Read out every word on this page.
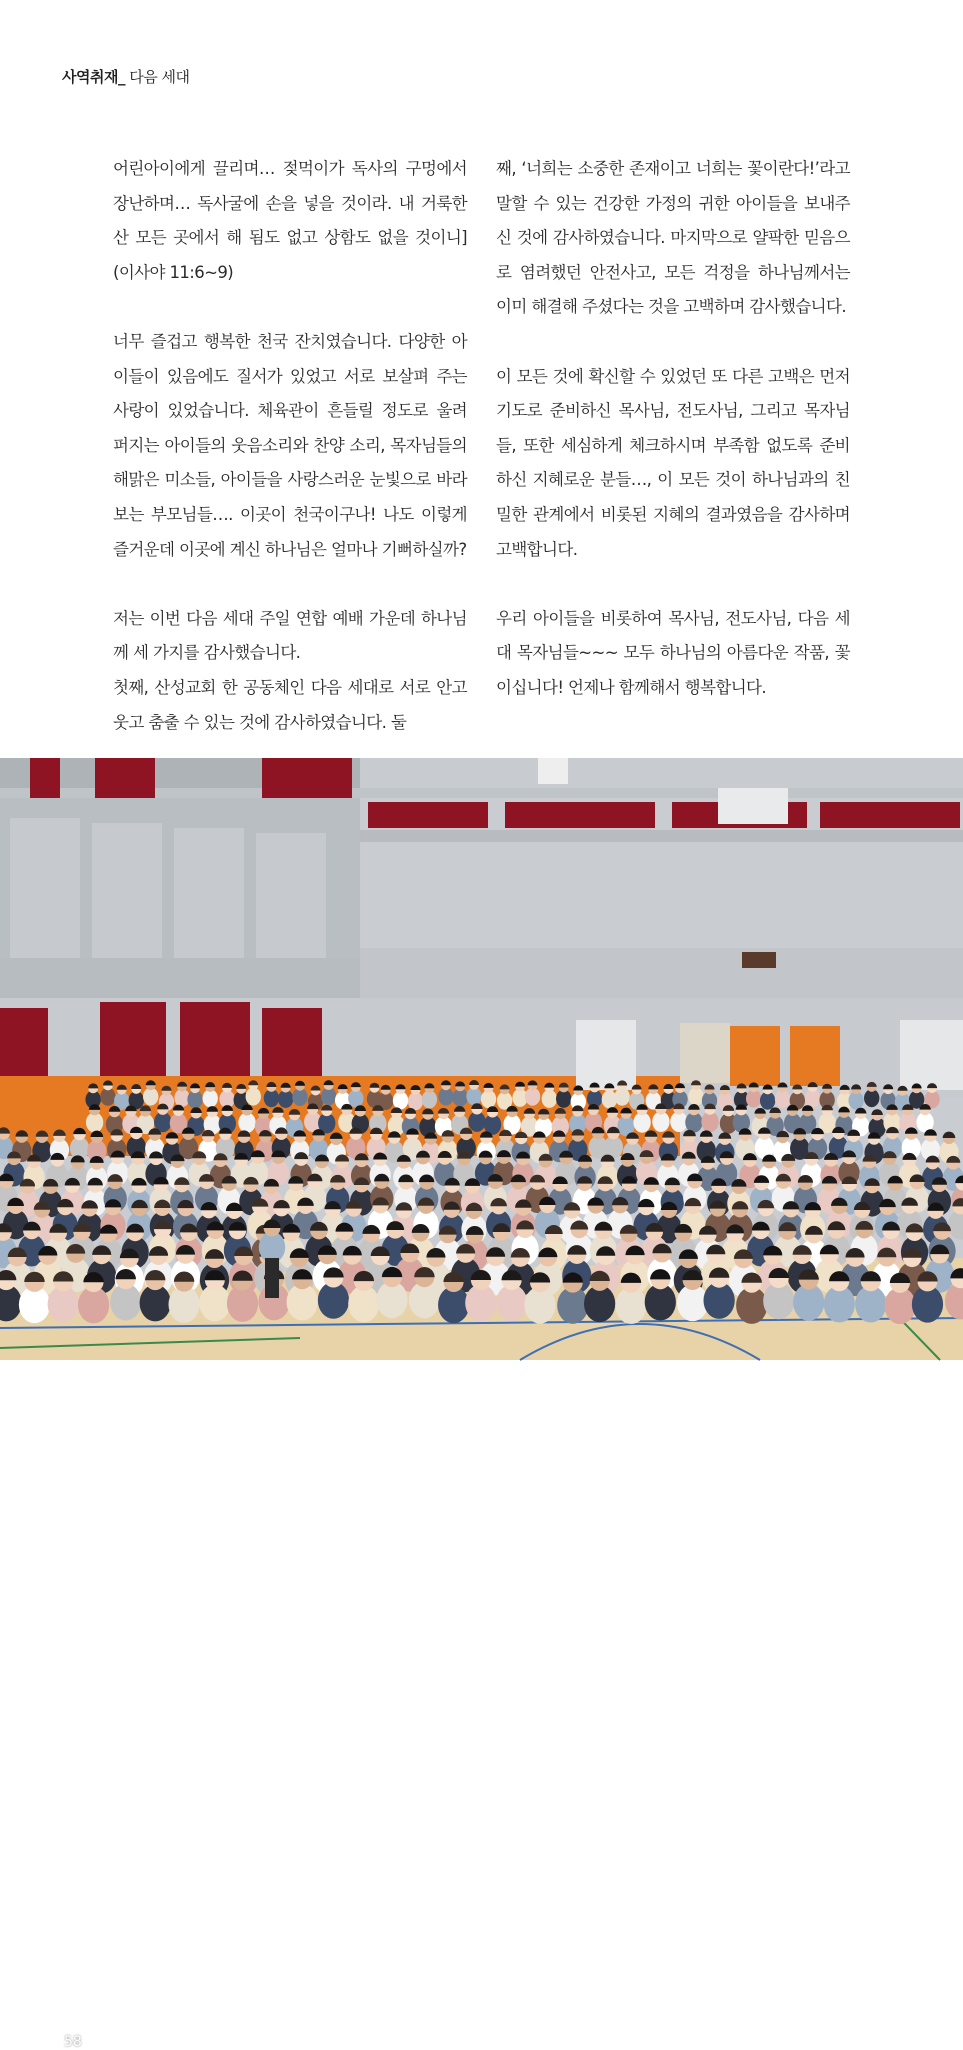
사역취재_ 다음 세대

어린아이에게 끌리며… 젖먹이가 독사의 구멍에서 장난하며… 독사굴에 손을 넣을 것이라. 내 거룩한 산 모든 곳에서 해 됨도 없고 상함도 없을 것이니] (이사야 11:6~9)

너무 즐겁고 행복한 천국 잔치였습니다. 다양한 아이들이 있음에도 질서가 있었고 서로 보살펴 주는 사랑이 있었습니다. 체육관이 흔들릴 정도로 울려 퍼지는 아이들의 웃음소리와 찬양 소리, 목자님들의 해맑은 미소들, 아이들을 사랑스러운 눈빛으로 바라보는 부모님들…. 이곳이 천국이구나! 나도 이렇게 즐거운데 이곳에 계신 하나님은 얼마나 기뻐하실까?

저는 이번 다음 세대 주일 연합 예배 가운데 하나님께 세 가지를 감사했습니다.

첫째, 산성교회 한 공동체인 다음 세대로 서로 안고 웃고 춤출 수 있는 것에 감사하였습니다. 둘

째, ‘너희는 소중한 존재이고 너희는 꽃이란다!’라고 말할 수 있는 건강한 가정의 귀한 아이들을 보내주신 것에 감사하였습니다. 마지막으로 얄팍한 믿음으로 염려했던 안전사고, 모든 걱정을 하나님께서는 이미 해결해 주셨다는 것을 고백하며 감사했습니다.

이 모든 것에 확신할 수 있었던 또 다른 고백은 먼저 기도로 준비하신 목사님, 전도사님, 그리고 목자님들, 또한 세심하게 체크하시며 부족함 없도록 준비하신 지혜로운 분들…, 이 모든 것이 하나님과의 친밀한 관계에서 비롯된 지혜의 결과였음을 감사하며 고백합니다.

우리 아이들을 비롯하여 목사님, 전도사님, 다음 세대 목자님들~~~ 모두 하나님의 아름다운 작품, 꽃이십니다! 언제나 함께해서 행복합니다.

58
